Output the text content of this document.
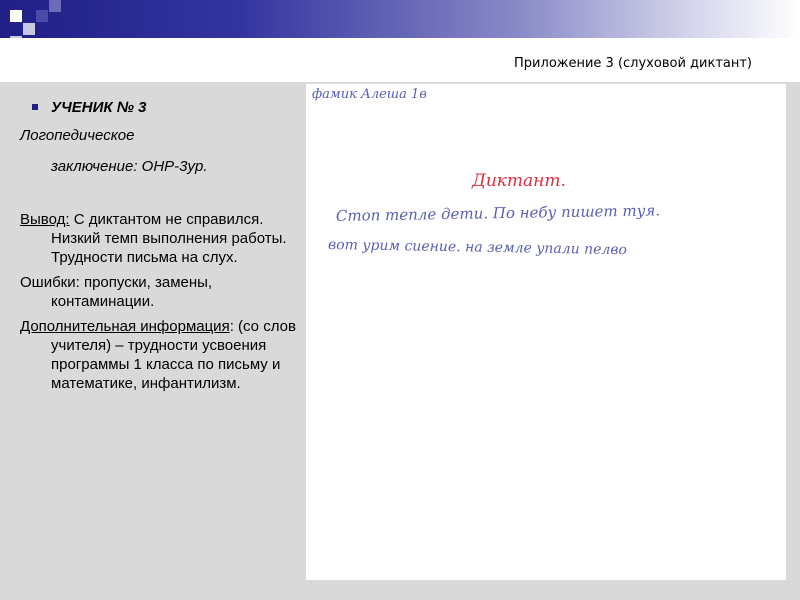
Приложение 3 (слуховой диктант)
УЧЕНИК № 3
Логопедическое
заключение: ОНР-3ур.
Вывод: С диктантом не справился. Низкий темп выполнения работы. Трудности письма на слух.
Ошибки: пропуски, замены, контаминации.
Дополнительная информация: (со слов учителя) – трудности усвоения программы 1 класса по письму и математике, инфантилизм.
фамик Алеша 1в
Диктант.
Стоп тепле дети. По небу пишет туя.
вот урим сиение. на земле упали пелво
